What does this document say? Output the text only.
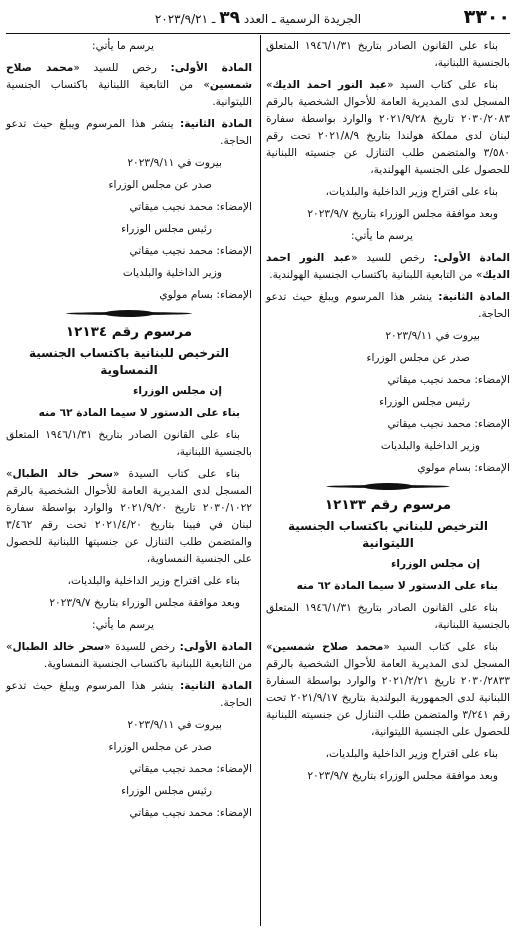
٣٣٠٠
الجريدة الرسمية ـ العدد ٣٩ ـ ٢٠٢٣/٩/٢١

بناء على القانون الصادر بتاريخ ١٩٤٦/١/٣١ المتعلق بالجنسية اللبنانية،

بناء على كتاب السيد «عبد النور احمد الديك» المسجل لدى المديرية العامة للأحوال الشخصية بالرقم ٢٠٣٠/٢٠٨٣ تاريخ ٢٠٢١/٩/٢٨ والوارد بواسطة سفارة لبنان لدى مملكة هولندا بتاريخ ٢٠٢١/٨/٩ تحت رقم ٣/٥٨٠ والمتضمن طلب التنازل عن جنسيته اللبنانية للحصول على الجنسية الهولندية،

بناء على اقتراح وزير الداخلية والبلديات،

وبعد موافقة مجلس الوزراء بتاريخ ٢٠٢٣/٩/٧

يرسم ما يأتي:

المادة الأولى: رخص للسيد «عبد النور احمد الديك» من التابعية اللبنانية باكتساب الجنسية الهولندية.

المادة الثانية: ينشر هذا المرسوم ويبلغ حيث تدعو الحاجة.

بيروت في ٢٠٢٣/٩/١١

صدر عن مجلس الوزراء

الإمضاء: محمد نجيب ميقاتي

رئيس مجلس الوزراء

الإمضاء: محمد نجيب ميقاتي

وزير الداخلية والبلديات

الإمضاء: بسام مولوي

مرسوم رقم ١٢١٣٣
الترخيص للبناني باكتساب الجنسية الليتوانية

إن مجلس الوزراء

بناء على الدستور لا سيما المادة ٦٢ منه

بناء على القانون الصادر بتاريخ ١٩٤٦/١/٣١ المتعلق بالجنسية اللبنانية،

بناء على كتاب السيد «محمد صلاح شمسين» المسجل لدى المديرية العامة للأحوال الشخصية بالرقم ٢٠٣٠/٢٨٣٣ تاريخ ٢٠٢١/٢/٢١ والوارد بواسطة السفارة اللبنانية لدى الجمهورية البولندية بتاريخ ٢٠٢١/٩/١٧ تحت رقم ٣/٢٤١ والمتضمن طلب التنازل عن جنسيته اللبنانية للحصول على الجنسية الليتوانية،

بناء على اقتراح وزير الداخلية والبلديات،

وبعد موافقة مجلس الوزراء بتاريخ ٢٠٢٣/٩/٧

يرسم ما يأتي:

المادة الأولى: رخص للسيد «محمد صلاح شمسين» من التابعية اللبنانية باكتساب الجنسية الليتوانية.

المادة الثانية: ينشر هذا المرسوم ويبلغ حيث تدعو الحاجة.

بيروت في ٢٠٢٣/٩/١١

صدر عن مجلس الوزراء

الإمضاء: محمد نجيب ميقاتي

رئيس مجلس الوزراء

الإمضاء: محمد نجيب ميقاتي

وزير الداخلية والبلديات

الإمضاء: بسام مولوي

مرسوم رقم ١٢١٣٤
الترخيص للبنانية باكتساب الجنسية النمساوية

إن مجلس الوزراء

بناء على الدستور لا سيما المادة ٦٢ منه

بناء على القانون الصادر بتاريخ ١٩٤٦/١/٣١ المتعلق بالجنسية اللبنانية،

بناء على كتاب السيدة «سحر خالد الطبال» المسجل لدى المديرية العامة للأحوال الشخصية بالرقم ٢٠٣٠/١٠٢٢ تاريخ ٢٠٢١/٩/٢٠ والوارد بواسطة سفارة لبنان في فيينا بتاريخ ٢٠٢١/٤/٢٠ تحت رقم ٣/٤٦٢ والمتضمن طلب التنازل عن جنسيتها اللبنانية للحصول على الجنسية النمساوية،

بناء على اقتراح وزير الداخلية والبلديات،

وبعد موافقة مجلس الوزراء بتاريخ ٢٠٢٣/٩/٧

يرسم ما يأتي:

المادة الأولى: رخص للسيدة «سحر خالد الطبال» من التابعية اللبنانية باكتساب الجنسية النمساوية.

المادة الثانية: ينشر هذا المرسوم ويبلغ حيث تدعو الحاجة.

بيروت في ٢٠٢٣/٩/١١

صدر عن مجلس الوزراء

الإمضاء: محمد نجيب ميقاتي

رئيس مجلس الوزراء

الإمضاء: محمد نجيب ميقاتي
